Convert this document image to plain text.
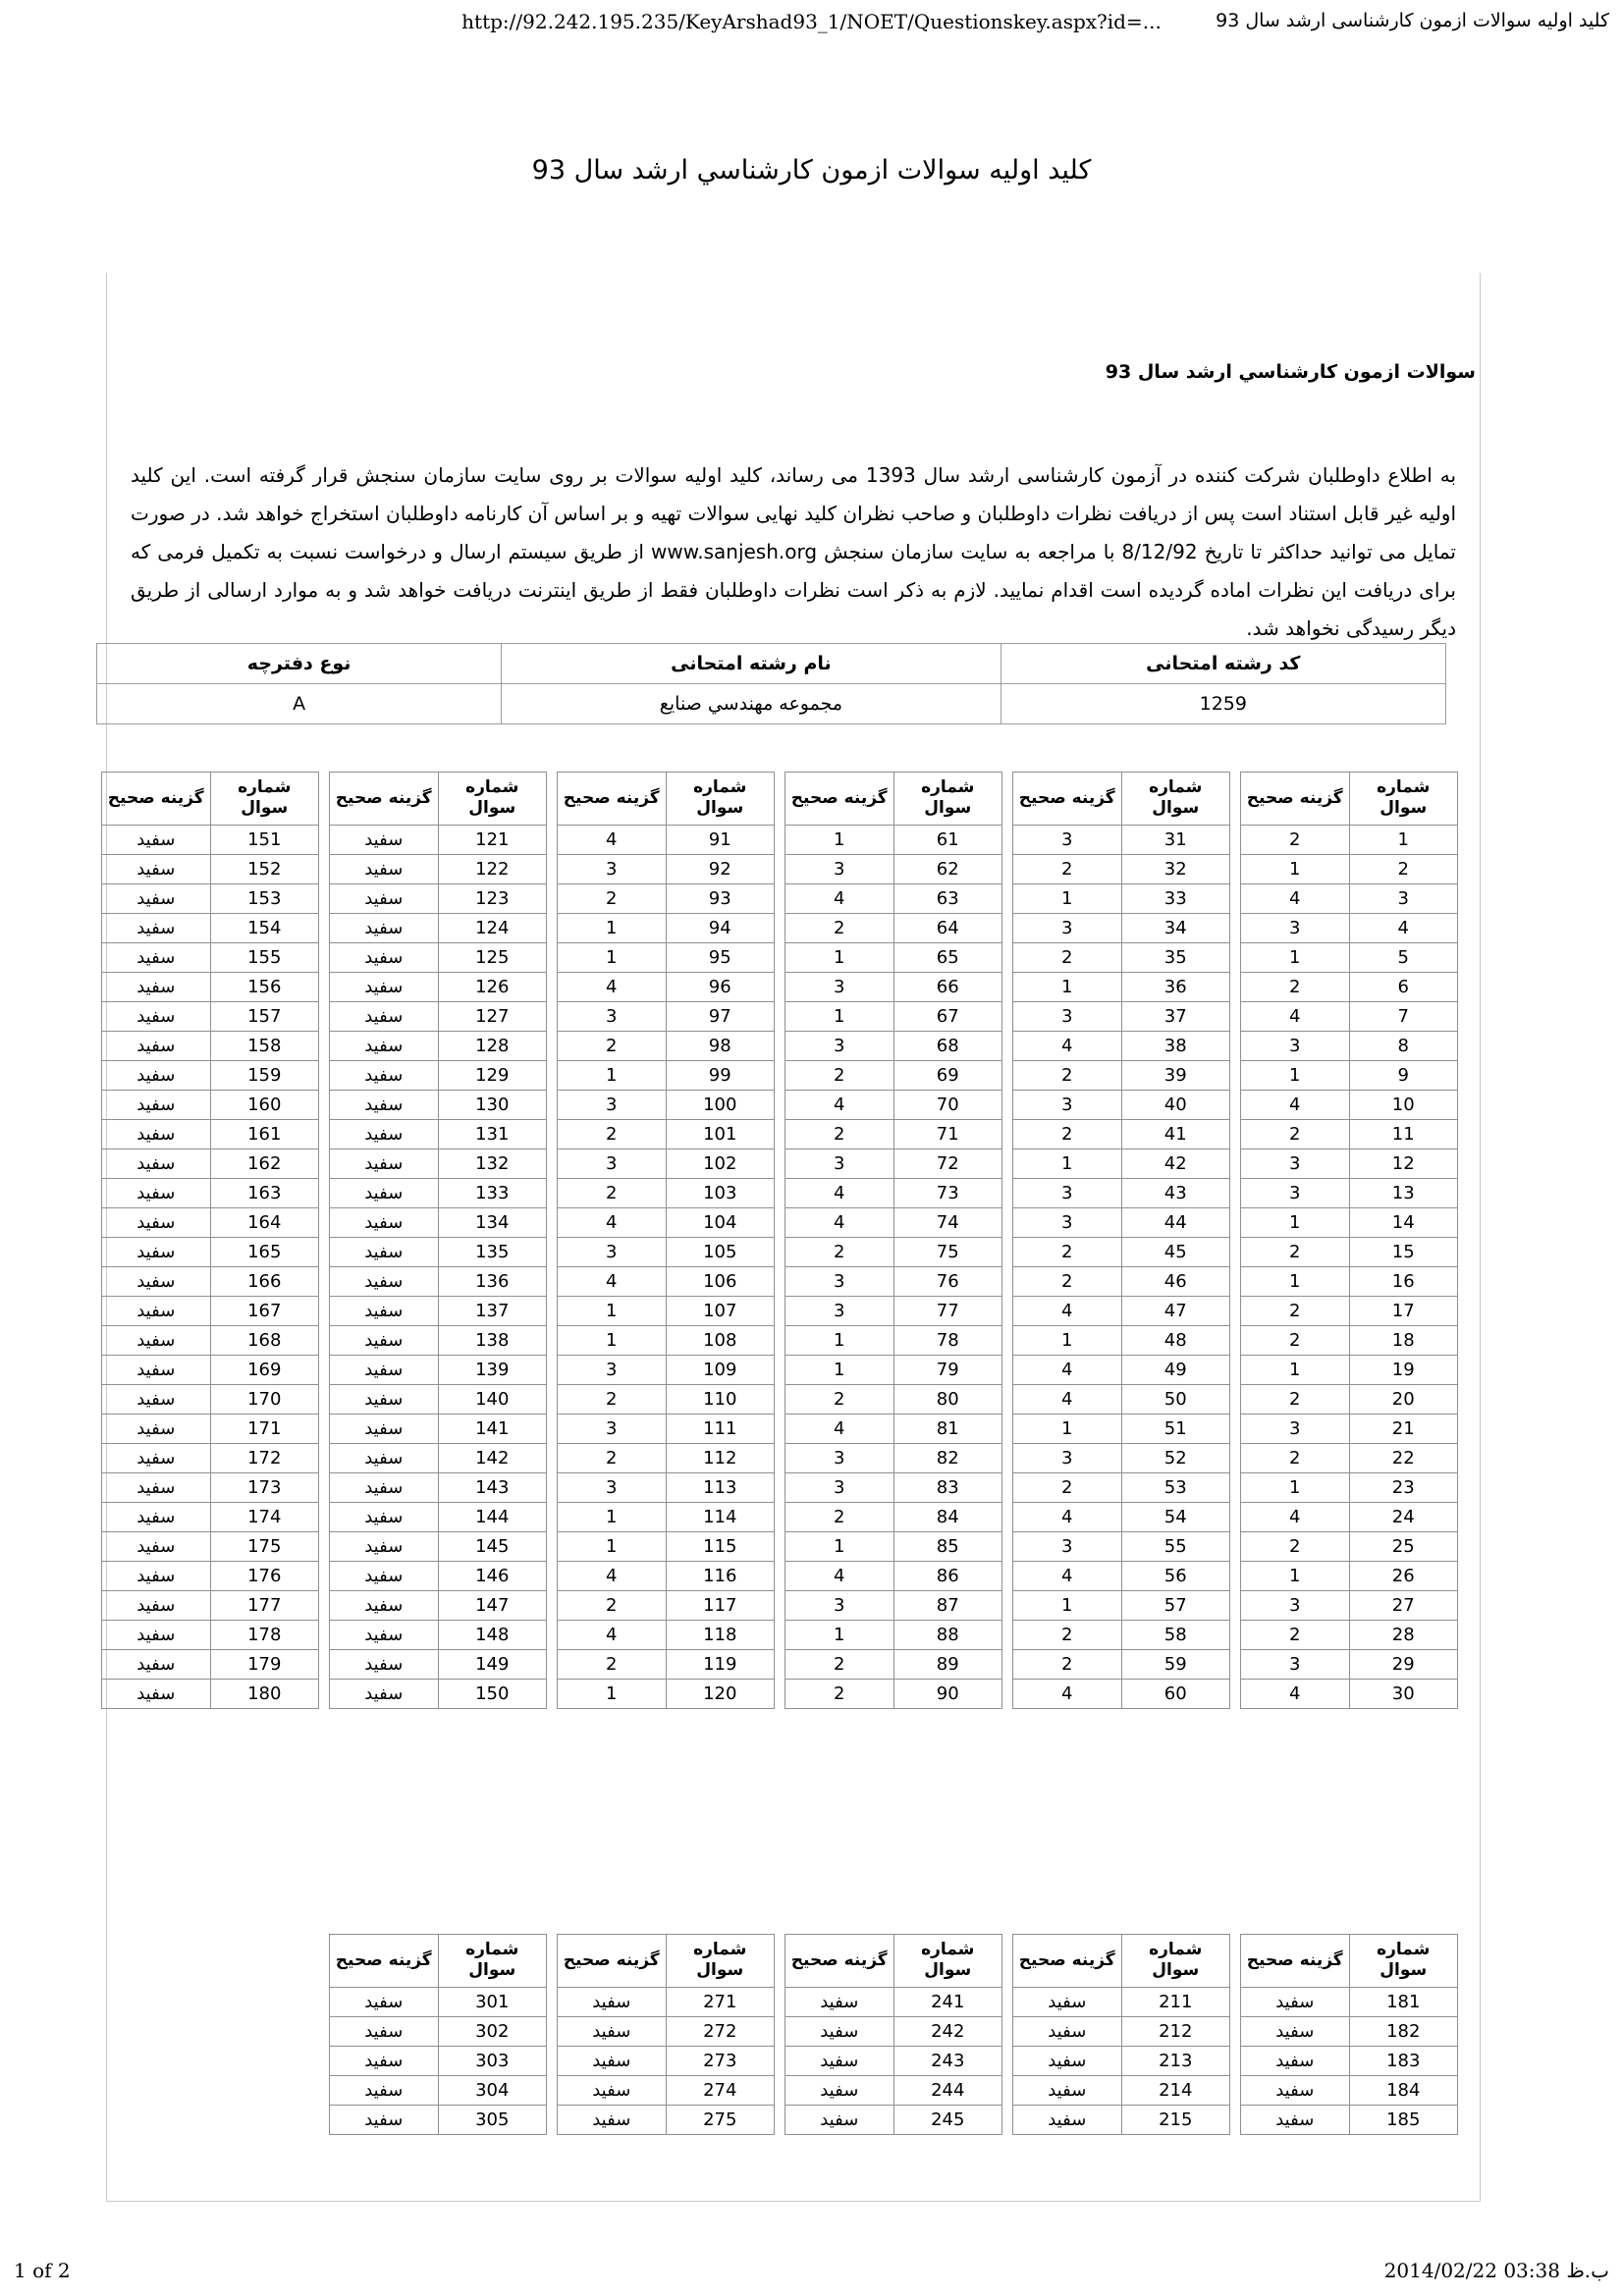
کلید اولیه سوالات ازمون کارشناسی ارشد سال 93
http://92.242.195.235/KeyArshad93_1/NOET/Questionskey.aspx?id=...
کلید اولیه سوالات ازمون کارشناسي ارشد سال 93
سوالات ازمون کارشناسي ارشد سال 93
به اطلاع داوطلبان شرکت کننده در آزمون کارشناسی ارشد سال 1393 می رساند، کلید اولیه سوالات بر روی سایت سازمان سنجش قرار گرفته است. این کلید اولیه غیر قابل استناد است پس از دریافت نظرات داوطلبان و صاحب نظران کلید نهایی سوالات تهیه و بر اساس آن کارنامه داوطلبان استخراج خواهد شد. در صورت تمایل می توانید حداکثر تا تاریخ 8/12/92 با مراجعه به سایت سازمان سنجش www.sanjesh.org از طریق سیستم ارسال و درخواست نسبت به تکمیل فرمی که برای دریافت این نظرات اماده گردیده است اقدام نمایید. لازم به ذکر است نظرات داوطلبان فقط از طریق اینترنت دریافت خواهد شد و به موارد ارسالی از طریق دیگر رسیدگی نخواهد شد.
کد رشته امتحانی	نام رشته امتحانی	نوع دفترچه
1259	مجموعه مهندسي صنايع	A
شماره سوال	گزینه صحیح
1	2
2	1
3	4
4	3
5	1
6	2
7	4
8	3
9	1
10	4
11	2
12	3
13	3
14	1
15	2
16	1
17	2
18	2
19	1
20	2
21	3
22	2
23	1
24	4
25	2
26	1
27	3
28	2
29	3
30	4
شماره سوال	گزینه صحیح
31	3
32	2
33	1
34	3
35	2
36	1
37	3
38	4
39	2
40	3
41	2
42	1
43	3
44	3
45	2
46	2
47	4
48	1
49	4
50	4
51	1
52	3
53	2
54	4
55	3
56	4
57	1
58	2
59	2
60	4
شماره سوال	گزینه صحیح
61	1
62	3
63	4
64	2
65	1
66	3
67	1
68	3
69	2
70	4
71	2
72	3
73	4
74	4
75	2
76	3
77	3
78	1
79	1
80	2
81	4
82	3
83	3
84	2
85	1
86	4
87	3
88	1
89	2
90	2
شماره سوال	گزینه صحیح
91	4
92	3
93	2
94	1
95	1
96	4
97	3
98	2
99	1
100	3
101	2
102	3
103	2
104	4
105	3
106	4
107	1
108	1
109	3
110	2
111	3
112	2
113	3
114	1
115	1
116	4
117	2
118	4
119	2
120	1
شماره سوال	گزینه صحیح
121	سفید
122	سفید
123	سفید
124	سفید
125	سفید
126	سفید
127	سفید
128	سفید
129	سفید
130	سفید
131	سفید
132	سفید
133	سفید
134	سفید
135	سفید
136	سفید
137	سفید
138	سفید
139	سفید
140	سفید
141	سفید
142	سفید
143	سفید
144	سفید
145	سفید
146	سفید
147	سفید
148	سفید
149	سفید
150	سفید
شماره سوال	گزینه صحیح
151	سفید
152	سفید
153	سفید
154	سفید
155	سفید
156	سفید
157	سفید
158	سفید
159	سفید
160	سفید
161	سفید
162	سفید
163	سفید
164	سفید
165	سفید
166	سفید
167	سفید
168	سفید
169	سفید
170	سفید
171	سفید
172	سفید
173	سفید
174	سفید
175	سفید
176	سفید
177	سفید
178	سفید
179	سفید
180	سفید
شماره سوال	گزینه صحیح
181	سفید
182	سفید
183	سفید
184	سفید
185	سفید
شماره سوال	گزینه صحیح
211	سفید
212	سفید
213	سفید
214	سفید
215	سفید
شماره سوال	گزینه صحیح
241	سفید
242	سفید
243	سفید
244	سفید
245	سفید
شماره سوال	گزینه صحیح
271	سفید
272	سفید
273	سفید
274	سفید
275	سفید
شماره سوال	گزینه صحیح
301	سفید
302	سفید
303	سفید
304	سفید
305	سفید
1 of 2	2014/02/22 03:38 ب.ظ
